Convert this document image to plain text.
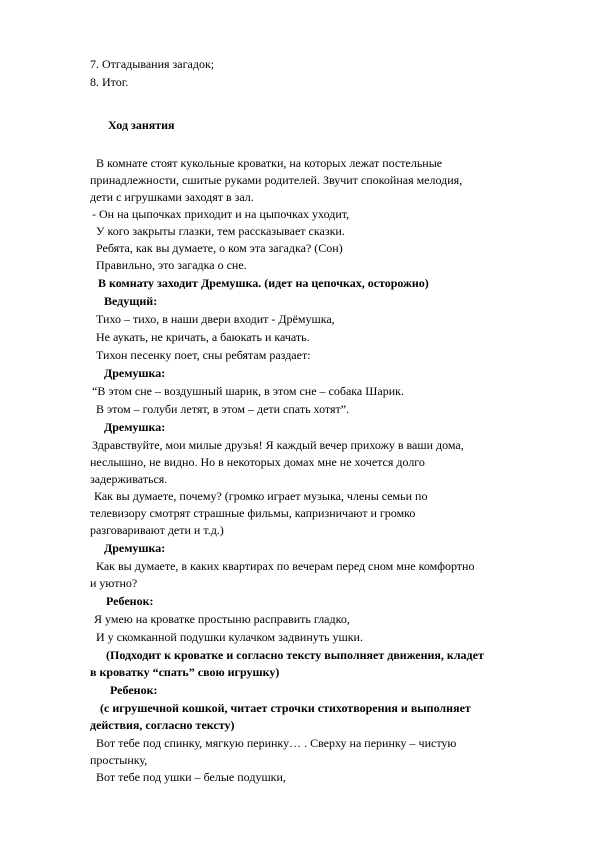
7. Отгадывания загадок;
8. Итог.
Ход занятия
В комнате стоят кукольные кроватки, на которых лежат постельные
принадлежности, сшитые руками родителей. Звучит спокойная мелодия,
дети с игрушками заходят в зал.
- Он на цыпочках приходит и на цыпочках уходит,
У кого закрыты глазки, тем рассказывает сказки.
Ребята, как вы думаете, о ком эта загадка? (Сон)
Правильно, это загадка о сне.
В комнату заходит Дремушка. (идет на цепочках, осторожно)
Ведущий:
Тихо – тихо, в наши двери входит - Дрёмушка,
Не аукать, не кричать, а баюкать и качать.
Тихон песенку поет, сны ребятам раздает:
Дремушка:
“В этом сне – воздушный шарик, в этом сне – собака Шарик.
В этом – голуби летят, в этом – дети спать хотят”.
Дремушка:
Здравствуйте, мои милые друзья! Я каждый вечер прихожу в ваши дома,
неслышно, не видно. Но в некоторых домах мне не хочется долго
задерживаться.
Как вы думаете, почему? (громко играет музыка, члены семьи по
телевизору смотрят страшные фильмы, капризничают и громко
разговаривают дети и т.д.)
Дремушка:
Как вы думаете, в каких квартирах по вечерам перед сном мне комфортно
и уютно?
Ребенок:
Я умею на кроватке простыню расправить гладко,
И у скомканной подушки кулачком задвинуть ушки.
(Подходит к кроватке и согласно тексту выполняет движения, кладет
в кроватку “спать” свою игрушку)
Ребенок:
(с игрушечной кошкой, читает строчки стихотворения и выполняет
действия, согласно тексту)
Вот тебе под спинку, мягкую перинку… . Сверху на перинку – чистую
простынку,
Вот тебе под ушки – белые подушки,
